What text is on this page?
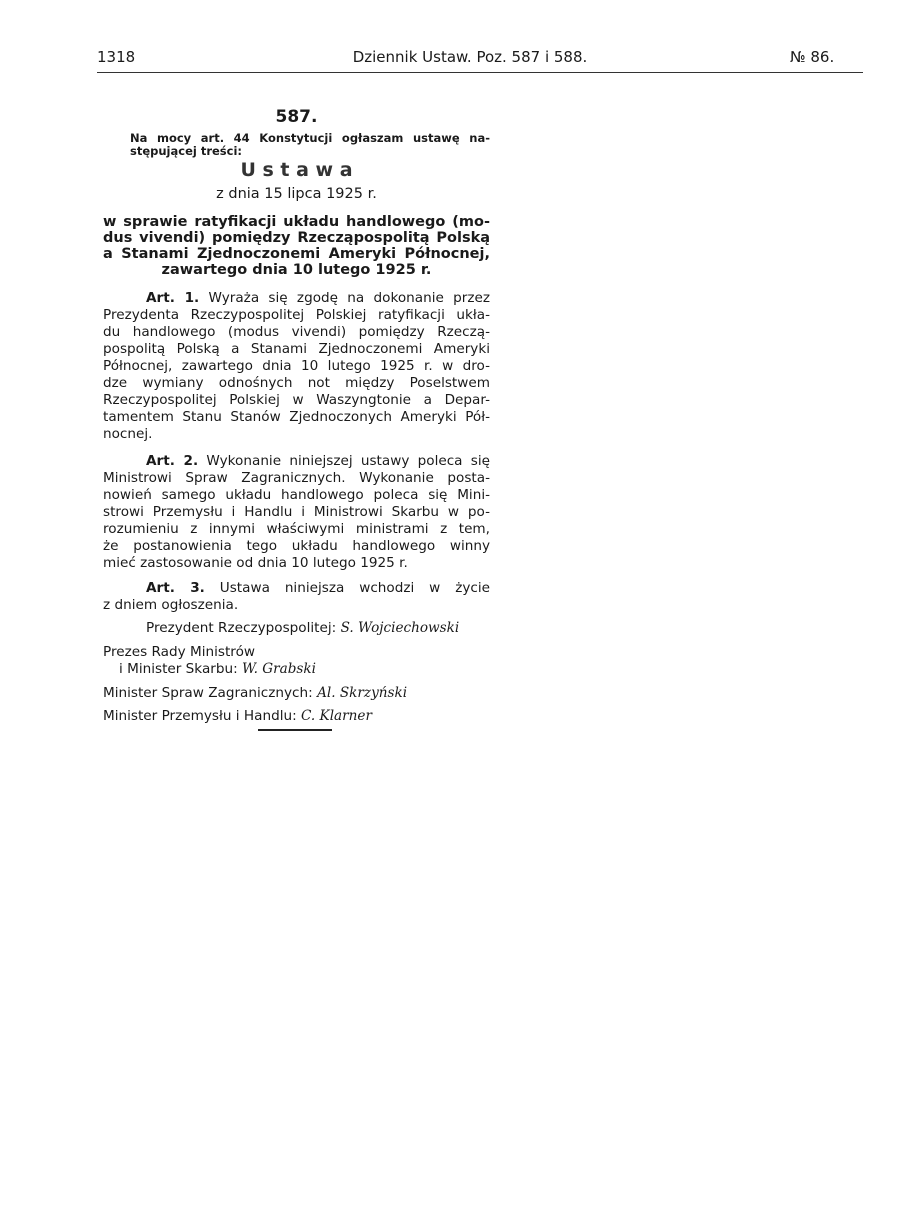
1318	Dziennik Ustaw. Poz. 587 i 588.	№ 86.
587.
Na mocy art. 44 Konstytucji ogłaszam ustawę na-
stępującej treści:
U s t a w a
z dnia 15 lipca 1925 r.
w sprawie ratyfikacji układu handlowego (mo-
dus vivendi) pomiędzy Rzecząpospolitą Polską
a Stanami Zjednoczonemi Ameryki Północnej,
zawartego dnia 10 lutego 1925 r.
Art. 1. Wyraża się zgodę na dokonanie przez
Prezydenta Rzeczypospolitej Polskiej ratyfikacji ukła-
du handlowego (modus vivendi) pomiędzy Rzeczą-
pospolitą Polską a Stanami Zjednoczonemi Ameryki
Północnej, zawartego dnia 10 lutego 1925 r. w dro-
dze wymiany odnośnych not między Poselstwem
Rzeczypospolitej Polskiej w Waszyngtonie a Depar-
tamentem Stanu Stanów Zjednoczonych Ameryki Pół-
nocnej.
Art. 2. Wykonanie niniejszej ustawy poleca się
Ministrowi Spraw Zagranicznych. Wykonanie posta-
nowień samego układu handlowego poleca się Mini-
strowi Przemysłu i Handlu i Ministrowi Skarbu w po-
rozumieniu z innymi właściwymi ministrami z tem,
że postanowienia tego układu handlowego winny
mieć zastosowanie od dnia 10 lutego 1925 r.
Art. 3. Ustawa niniejsza wchodzi w życie
z dniem ogłoszenia.
Prezydent Rzeczypospolitej: S. Wojciechowski
Prezes Rady Ministrów
i Minister Skarbu: W. Grabski
Minister Spraw Zagranicznych: Al. Skrzyński
Minister Przemysłu i Handlu: C. Klarner
